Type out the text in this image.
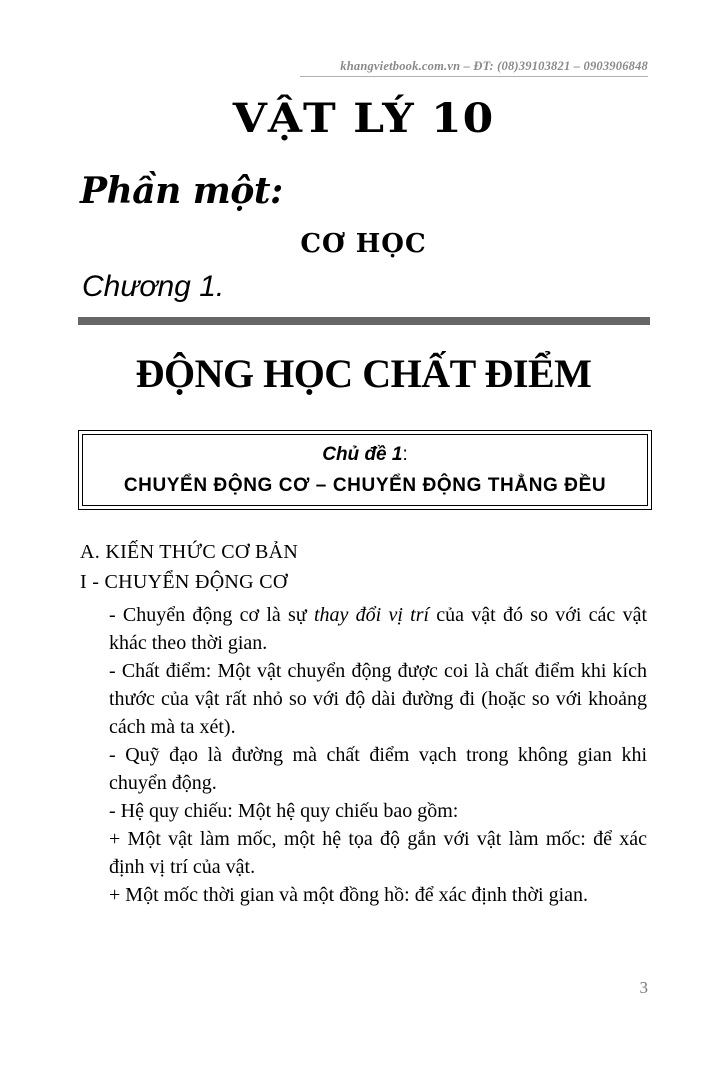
khangvietbook.com.vn – ĐT: (08)39103821 – 0903906848
VẬT LÝ 10
Phần một:
CƠ HỌC
Chương 1.
ĐỘNG HỌC CHẤT ĐIỂM
Chủ đề 1:
CHUYỂN ĐỘNG CƠ – CHUYỂN ĐỘNG THẲNG ĐỀU
A. KIẾN THỨC CƠ BẢN
I - CHUYỂN ĐỘNG CƠ

- Chuyển động cơ là sự thay đổi vị trí của vật đó so với các vật khác theo thời gian.

- Chất điểm: Một vật chuyển động được coi là chất điểm khi kích thước của vật rất nhỏ so với độ dài đường đi (hoặc so với khoảng cách mà ta xét).

- Quỹ đạo là đường mà chất điểm vạch trong không gian khi chuyển động.

- Hệ quy chiếu: Một hệ quy chiếu bao gồm:

+ Một vật làm mốc, một hệ tọa độ gắn với vật làm mốc: để xác định vị trí của vật.

+ Một mốc thời gian và một đồng hồ: để xác định thời gian.

3
